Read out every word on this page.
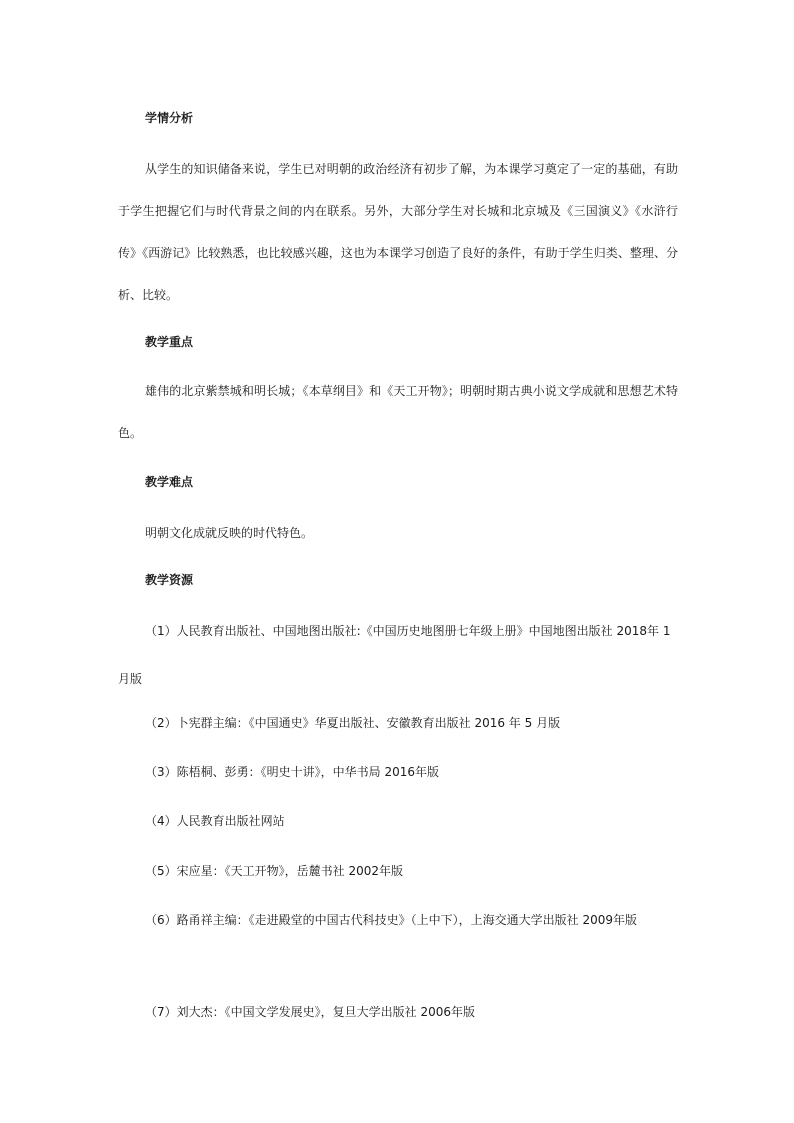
学情分析

从学生的知识储备来说，学生已对明朝的政治经济有初步了解，为本课学习奠定了一定的基础，有助于学生把握它们与时代背景之间的内在联系。另外，大部分学生对长城和北京城及《三国演义》《水浒行传》《西游记》比较熟悉，也比较感兴趣，这也为本课学习创造了良好的条件，有助于学生归类、整理、分析、比较。

教学重点

雄伟的北京紫禁城和明长城；《本草纲目》和《天工开物》；明朝时期古典小说文学成就和思想艺术特色。

教学难点

明朝文化成就反映的时代特色。

教学资源

（1）人民教育出版社、中国地图出版社:《中国历史地图册七年级上册》中国地图出版社 2018年 1月版

（2）卜宪群主编：《中国通史》华夏出版社、安徽教育出版社 2016 年 5 月版

（3）陈梧桐、彭勇：《明史十讲》，中华书局 2016年版

（4）人民教育出版社网站

（5）宋应星：《天工开物》，岳麓书社 2002年版

（6）路甬祥主编：《走进殿堂的中国古代科技史》（上中下），上海交通大学出版社 2009年版

（7）刘大杰：《中国文学发展史》，复旦大学出版社 2006年版
